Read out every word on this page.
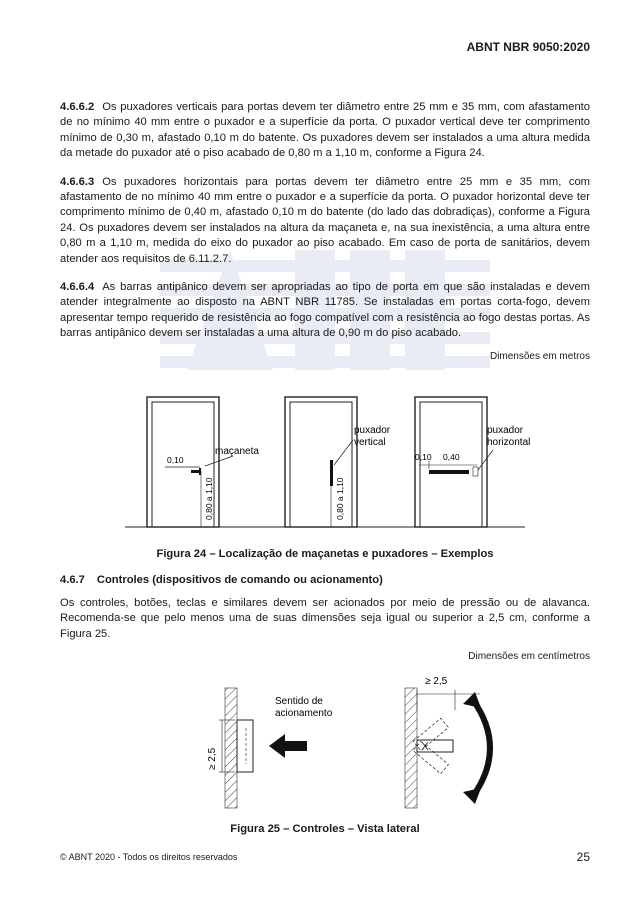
ABNT NBR 9050:2020

4.6.6.2 Os puxadores verticais para portas devem ter diâmetro entre 25 mm e 35 mm, com afastamento de no mínimo 40 mm entre o puxador e a superfície da porta. O puxador vertical deve ter comprimento mínimo de 0,30 m, afastado 0,10 m do batente. Os puxadores devem ser instalados a uma altura medida da metade do puxador até o piso acabado de 0,80 m a 1,10 m, conforme a Figura 24.

4.6.6.3 Os puxadores horizontais para portas devem ter diâmetro entre 25 mm e 35 mm, com afastamento de no mínimo 40 mm entre o puxador e a superfície da porta. O puxador horizontal deve ter comprimento mínimo de 0,40 m, afastado 0,10 m do batente (do lado das dobradiças), conforme a Figura 24. Os puxadores devem ser instalados na altura da maçaneta e, na sua inexistência, a uma altura entre 0,80 m a 1,10 m, medida do eixo do puxador ao piso acabado. Em caso de porta de sanitários, devem atender aos requisitos de 6.11.2.7.

4.6.6.4 As barras antipânico devem ser apropriadas ao tipo de porta em que são instaladas e devem atender integralmente ao disposto na ABNT NBR 11785. Se instaladas em portas corta-fogo, devem apresentar tempo requerido de resistência ao fogo compatível com a resistência ao fogo destas portas. As barras antipânico devem ser instaladas a uma altura de 0,90 m do piso acabado.

Dimensões em metros
0,10
maçaneta
0,80 a 1,10
puxador
vertical
0,80 a 1,10
0,10 0,40
puxador
horizontal
Figura 24 – Localização de maçanetas e puxadores – Exemplos
4.6.7 Controles (dispositivos de comando ou acionamento)

Os controles, botões, teclas e similares devem ser acionados por meio de pressão ou de alavanca. Recomenda-se que pelo menos uma de suas dimensões seja igual ou superior a 2,5 cm, conforme a Figura 25.

Dimensões em centímetros
≥ 2,5
Sentido de
acionamento
≥ 2,5
Figura 25 – Controles – Vista lateral
© ABNT 2020 - Todos os direitos reservados	25
